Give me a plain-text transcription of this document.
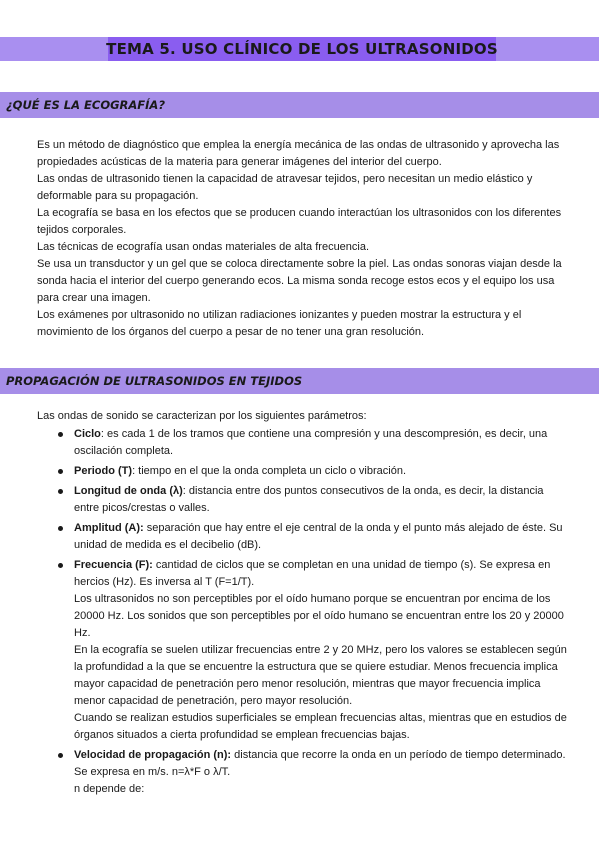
TEMA 5. USO CLÍNICO DE LOS ULTRASONIDOS
¿QUÉ ES LA ECOGRAFÍA?

Es un método de diagnóstico que emplea la energía mecánica de las ondas de ultrasonido y aprovecha las propiedades acústicas de la materia para generar imágenes del interior del cuerpo.

Las ondas de ultrasonido tienen la capacidad de atravesar tejidos, pero necesitan un medio elástico y deformable para su propagación.

La ecografía se basa en los efectos que se producen cuando interactúan los ultrasonidos con los diferentes tejidos corporales.

Las técnicas de ecografía usan ondas materiales de alta frecuencia.

Se usa un transductor y un gel que se coloca directamente sobre la piel. Las ondas sonoras viajan desde la sonda hacia el interior del cuerpo generando ecos. La misma sonda recoge estos ecos y el equipo los usa para crear una imagen.

Los exámenes por ultrasonido no utilizan radiaciones ionizantes y pueden mostrar la estructura y el movimiento de los órganos del cuerpo a pesar de no tener una gran resolución.

PROPAGACIÓN DE ULTRASONIDOS EN TEJIDOS

Las ondas de sonido se caracterizan por los siguientes parámetros:

Ciclo: es cada 1 de los tramos que contiene una compresión y una descompresión, es decir, una oscilación completa.
Periodo (T): tiempo en el que la onda completa un ciclo o vibración.
Longitud de onda (λ): distancia entre dos puntos consecutivos de la onda, es decir, la distancia entre picos/crestas o valles.
Amplitud (A): separación que hay entre el eje central de la onda y el punto más alejado de éste. Su unidad de medida es el decibelio (dB).
Frecuencia (F): cantidad de ciclos que se completan en una unidad de tiempo (s). Se expresa en hercios (Hz). Es inversa al T (F=1/T).
Los ultrasonidos no son perceptibles por el oído humano porque se encuentran por encima de los 20000 Hz. Los sonidos que son perceptibles por el oído humano se encuentran entre los 20 y 20000 Hz.
En la ecografía se suelen utilizar frecuencias entre 2 y 20 MHz, pero los valores se establecen según la profundidad a la que se encuentre la estructura que se quiere estudiar. Menos frecuencia implica mayor capacidad de penetración pero menor resolución, mientras que mayor frecuencia implica menor capacidad de penetración, pero mayor resolución.
Cuando se realizan estudios superficiales se emplean frecuencias altas, mientras que en estudios de órganos situados a cierta profundidad se emplean frecuencias bajas.
Velocidad de propagación (n): distancia que recorre la onda en un período de tiempo determinado. Se expresa en m/s. n=λ*F o λ/T.
n depende de:
